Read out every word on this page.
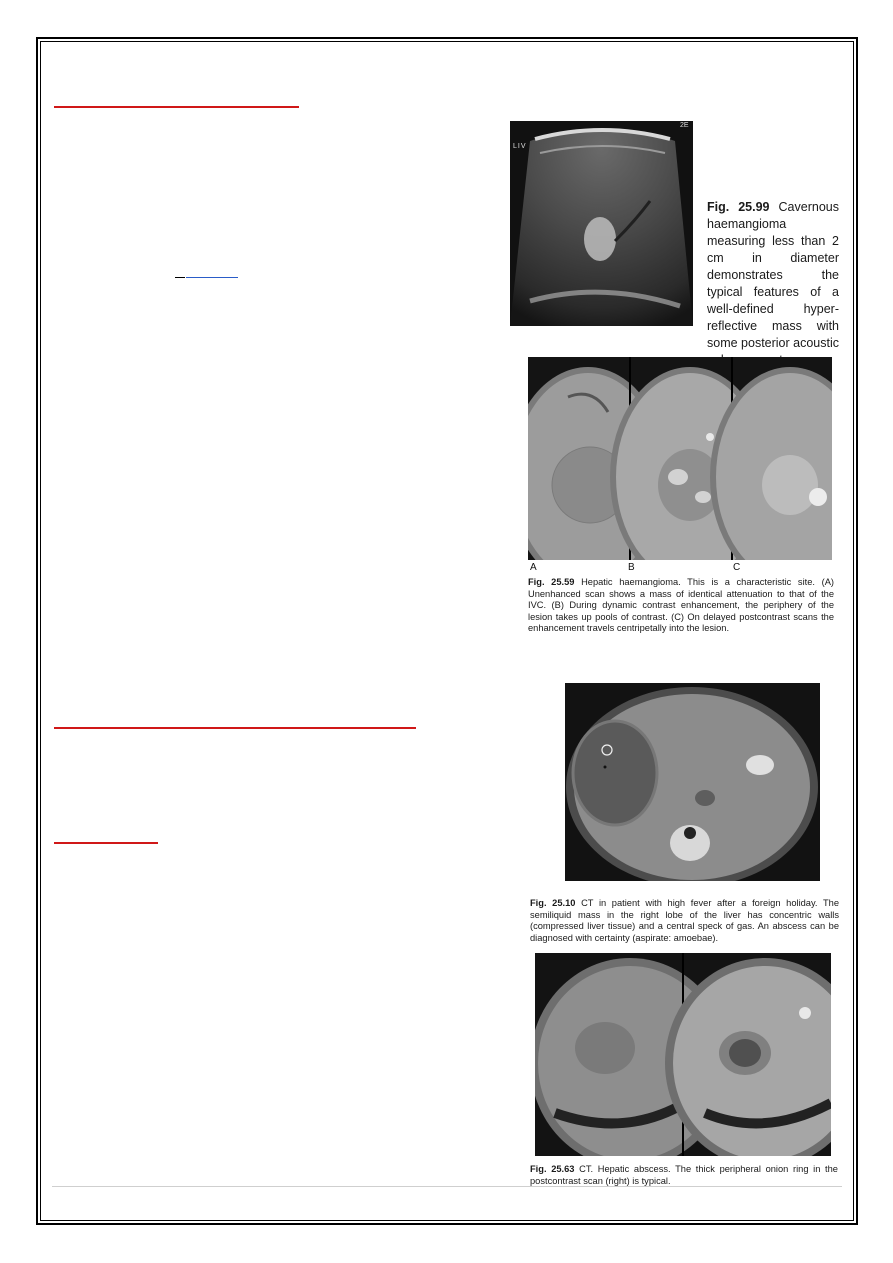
LIV
2E
Fig. 25.99 Cavernous haemangioma measuring less than 2 cm in diameter demonstrates the typical features of a well-defined hyper-reflective mass with some posterior acoustic
A	B	C
Fig. 25.59 Hepatic haemangioma. This is a characteristic site. (A) Unenhanced scan shows a mass of identical attenuation to that of the IVC. (B) During dynamic contrast enhancement, the periphery of the lesion takes up pools of contrast. (C) On delayed postcontrast scans the enhancement travels centripetally into the lesion.
Fig. 25.10 CT in patient with high fever after a foreign holiday. The semiliquid mass in the right lobe of the liver has concentric walls (compressed liver tissue) and a central speck of gas. An abscess can be diagnosed with certainty (aspirate: amoebae).
Fig. 25.63 CT. Hepatic abscess. The thick peripheral onion ring in the postcontrast scan (right) is typical.
